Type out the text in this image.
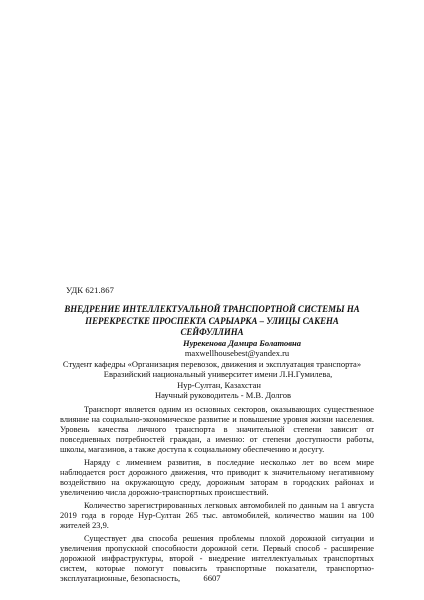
УДК 621.867
ВНЕДРЕНИЕ ИНТЕЛЛЕКТУАЛЬНОЙ ТРАНСПОРТНОЙ СИСТЕМЫ НА ПЕРЕКРЕСТКЕ ПРОСПЕКТА САРЫАРКА – УЛИЦЫ САКЕНА СЕЙФУЛЛИНА
Нурекенова Дамира Болатовна
maxwellhousebest@yandex.ru
Студент кафедры «Организация перевозок, движения и эксплуатация транспорта»
Евразийский национальный университет имени Л.Н.Гумилева,
Нур-Султан, Казахстан
Научный руководитель - М.В. Долгов

Транспорт является одним из основных секторов, оказывающих существенное влияние на социально-экономическое развитие и повышение уровня жизни населения. Уровень качества личного транспорта в значительной степени зависит от повседневных потребностей граждан, а именно: от степени доступности работы, школы, магазинов, а также доступа к социальному обеспечению и досугу.

Наряду с лимением развития, в последние несколько лет во всем мире наблюдается рост дорожного движения, что приводит к значительному негативному воздействию на окружающую среду, дорожным заторам в городских районах и увеличению числа дорожно-транспортных происшествий.

Количество зарегистрированных легковых автомобилей по данным на 1 августа 2019 года в городе Нур-Султан 265 тыс. автомобилей, количество машин на 100 жителей 23,9.

Существует два способа решения проблемы плохой дорожной ситуации и увеличения пропускной способности дорожной сети. Первый способ - расширение дорожной инфраструктуры, второй - внедрение интеллектуальных транспортных систем, которые помогут повысить транспортные показатели, транспортно-эксплуатационные, безопасность,	6607
